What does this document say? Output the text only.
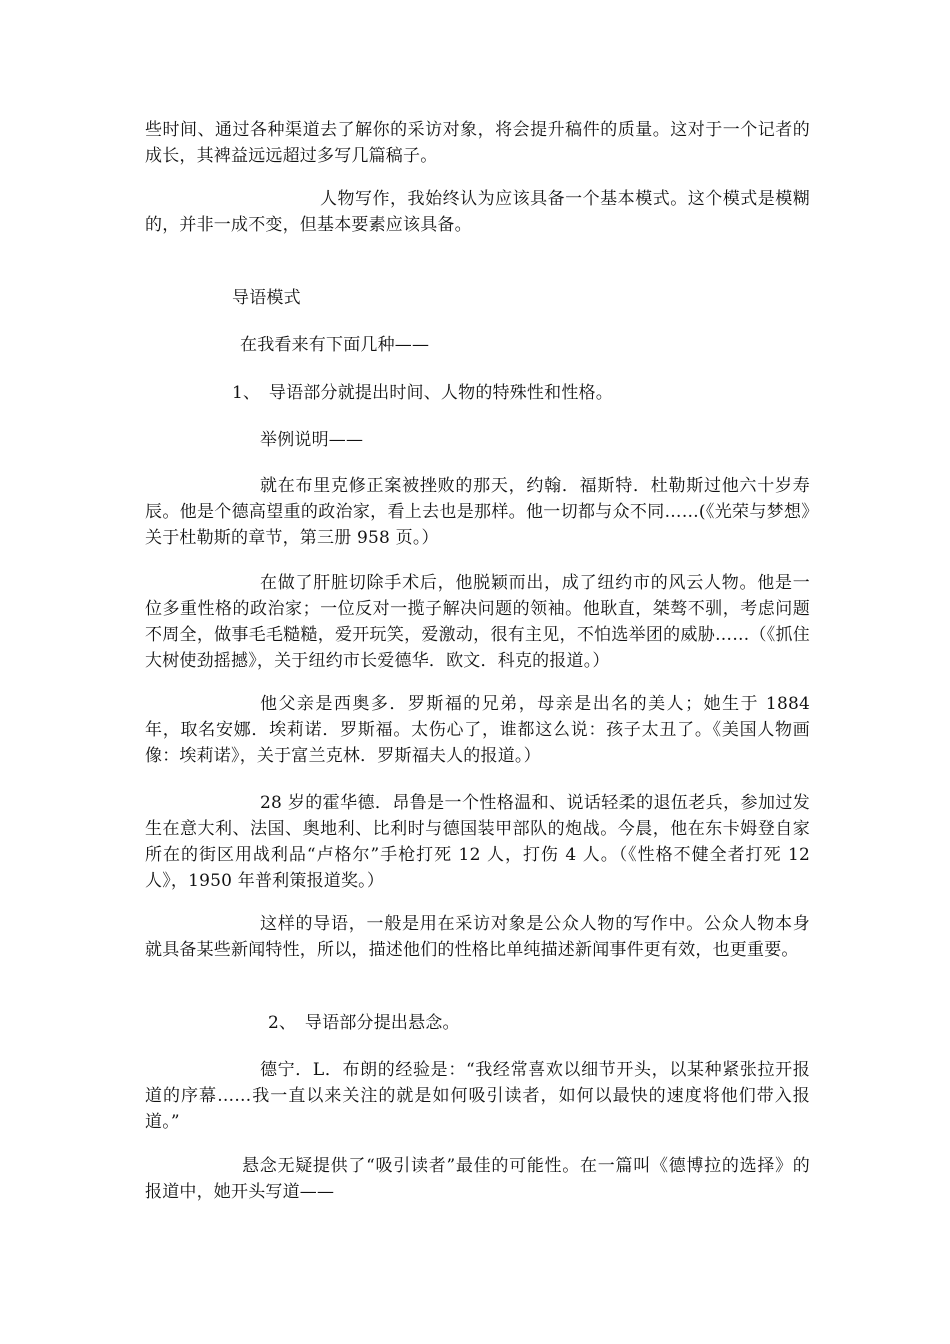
些时间、通过各种渠道去了解你的采访对象，将会提升稿件的质量。这对于一个记者的成长，其裨益远远超过多写几篇稿子。

人物写作，我始终认为应该具备一个基本模式。这个模式是模糊的，并非一成不变，但基本要素应该具备。

导语模式

在我看来有下面几种——

1、　导语部分就提出时间、人物的特殊性和性格。

举例说明——

就在布里克修正案被挫败的那天，约翰．福斯特．杜勒斯过他六十岁寿辰。他是个德高望重的政治家，看上去也是那样。他一切都与众不同……(《光荣与梦想》关于杜勒斯的章节，第三册 958 页。）

在做了肝脏切除手术后，他脱颖而出，成了纽约市的风云人物。他是一位多重性格的政治家；一位反对一揽子解决问题的领袖。他耿直，桀骜不驯，考虑问题不周全，做事毛毛糙糙，爱开玩笑，爱激动，很有主见，不怕选举团的威胁……（《抓住大树使劲摇撼》，关于纽约市长爱德华．欧文．科克的报道。）

他父亲是西奥多．罗斯福的兄弟，母亲是出名的美人；她生于 1884 年，取名安娜．埃莉诺．罗斯福。太伤心了，谁都这么说：孩子太丑了。《美国人物画像：埃莉诺》，关于富兰克林．罗斯福夫人的报道。）

28 岁的霍华德．昂鲁是一个性格温和、说话轻柔的退伍老兵，参加过发生在意大利、法国、奥地利、比利时与德国装甲部队的炮战。今晨，他在东卡姆登自家所在的街区用战利品“卢格尔”手枪打死 12 人，打伤 4 人。（《性格不健全者打死 12 人》，1950 年普利策报道奖。）

这样的导语，一般是用在采访对象是公众人物的写作中。公众人物本身就具备某些新闻特性，所以，描述他们的性格比单纯描述新闻事件更有效，也更重要。

2、　导语部分提出悬念。

德宁．L．布朗的经验是：“我经常喜欢以细节开头，以某种紧张拉开报道的序幕……我一直以来关注的就是如何吸引读者，如何以最快的速度将他们带入报道。”

悬念无疑提供了“吸引读者”最佳的可能性。在一篇叫《德博拉的选择》的报道中，她开头写道——
